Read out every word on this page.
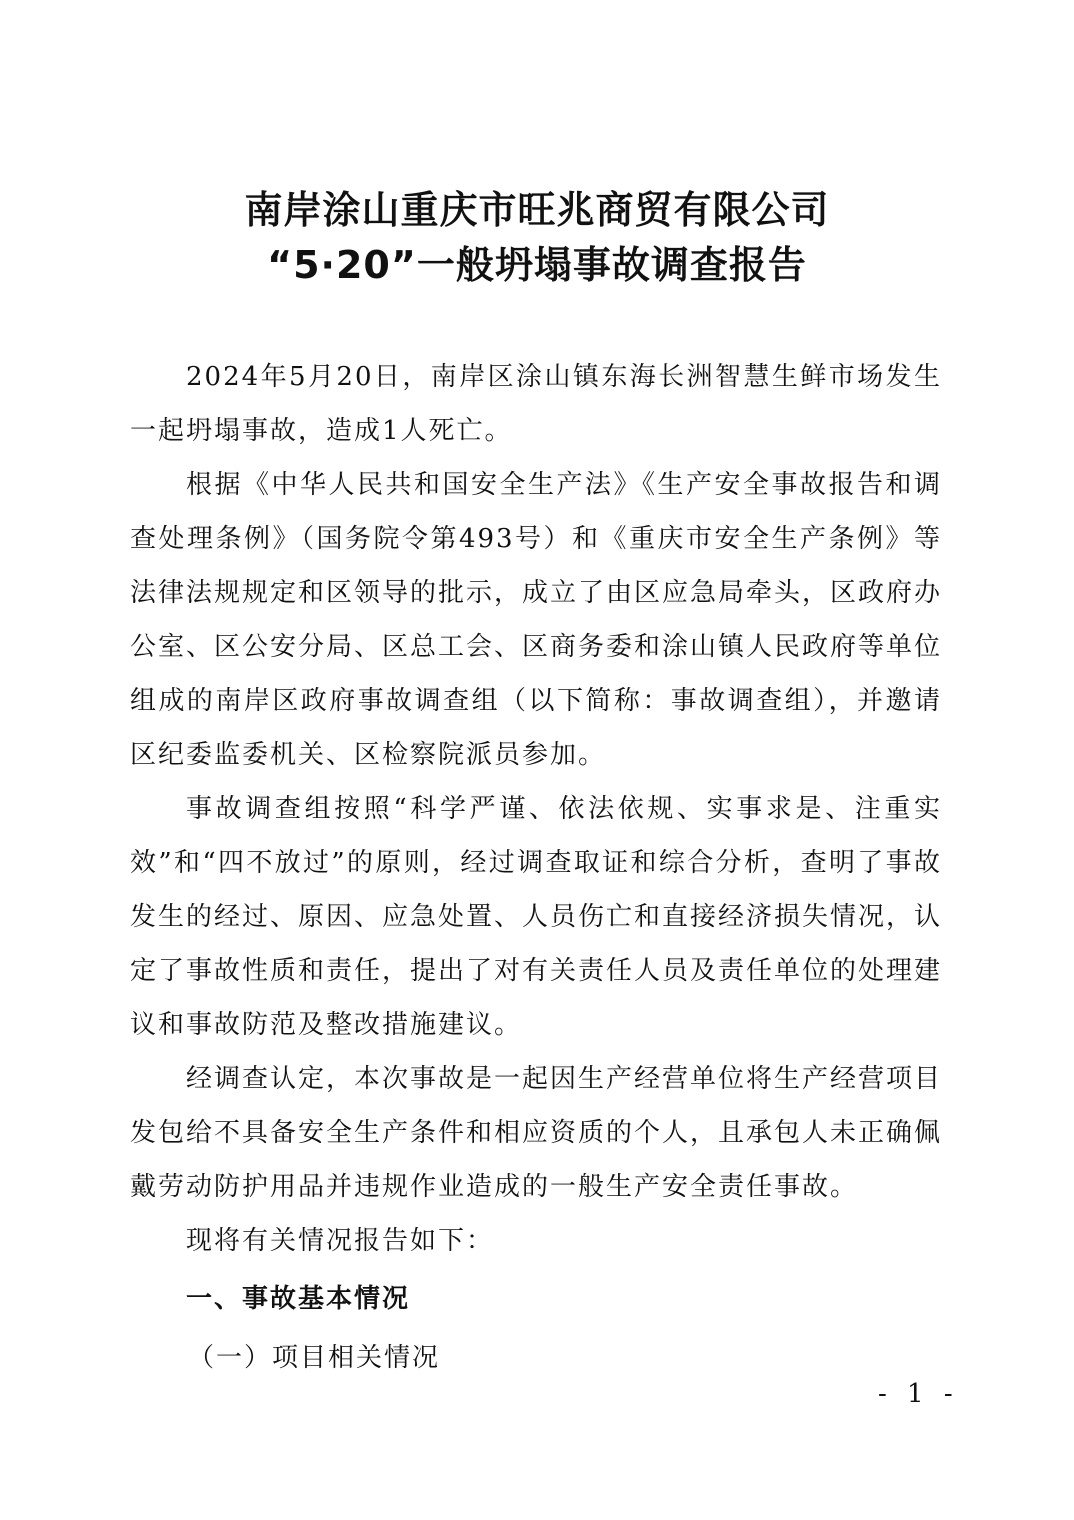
南岸涂山重庆市旺兆商贸有限公司
“5·20”一般坍塌事故调查报告

2024年5月20日，南岸区涂山镇东海长洲智慧生鲜市场发生一起坍塌事故，造成1人死亡。

根据《中华人民共和国安全生产法》《生产安全事故报告和调查处理条例》（国务院令第493号）和《重庆市安全生产条例》等法律法规规定和区领导的批示，成立了由区应急局牵头，区政府办公室、区公安分局、区总工会、区商务委和涂山镇人民政府等单位组成的南岸区政府事故调查组（以下简称：事故调查组），并邀请区纪委监委机关、区检察院派员参加。

事故调查组按照“科学严谨、依法依规、实事求是、注重实效”和“四不放过”的原则，经过调查取证和综合分析，查明了事故发生的经过、原因、应急处置、人员伤亡和直接经济损失情况，认定了事故性质和责任，提出了对有关责任人员及责任单位的处理建议和事故防范及整改措施建议。

经调查认定，本次事故是一起因生产经营单位将生产经营项目发包给不具备安全生产条件和相应资质的个人，且承包人未正确佩戴劳动防护用品并违规作业造成的一般生产安全责任事故。

现将有关情况报告如下：

一、事故基本情况

（一）项目相关情况

- 1 -
